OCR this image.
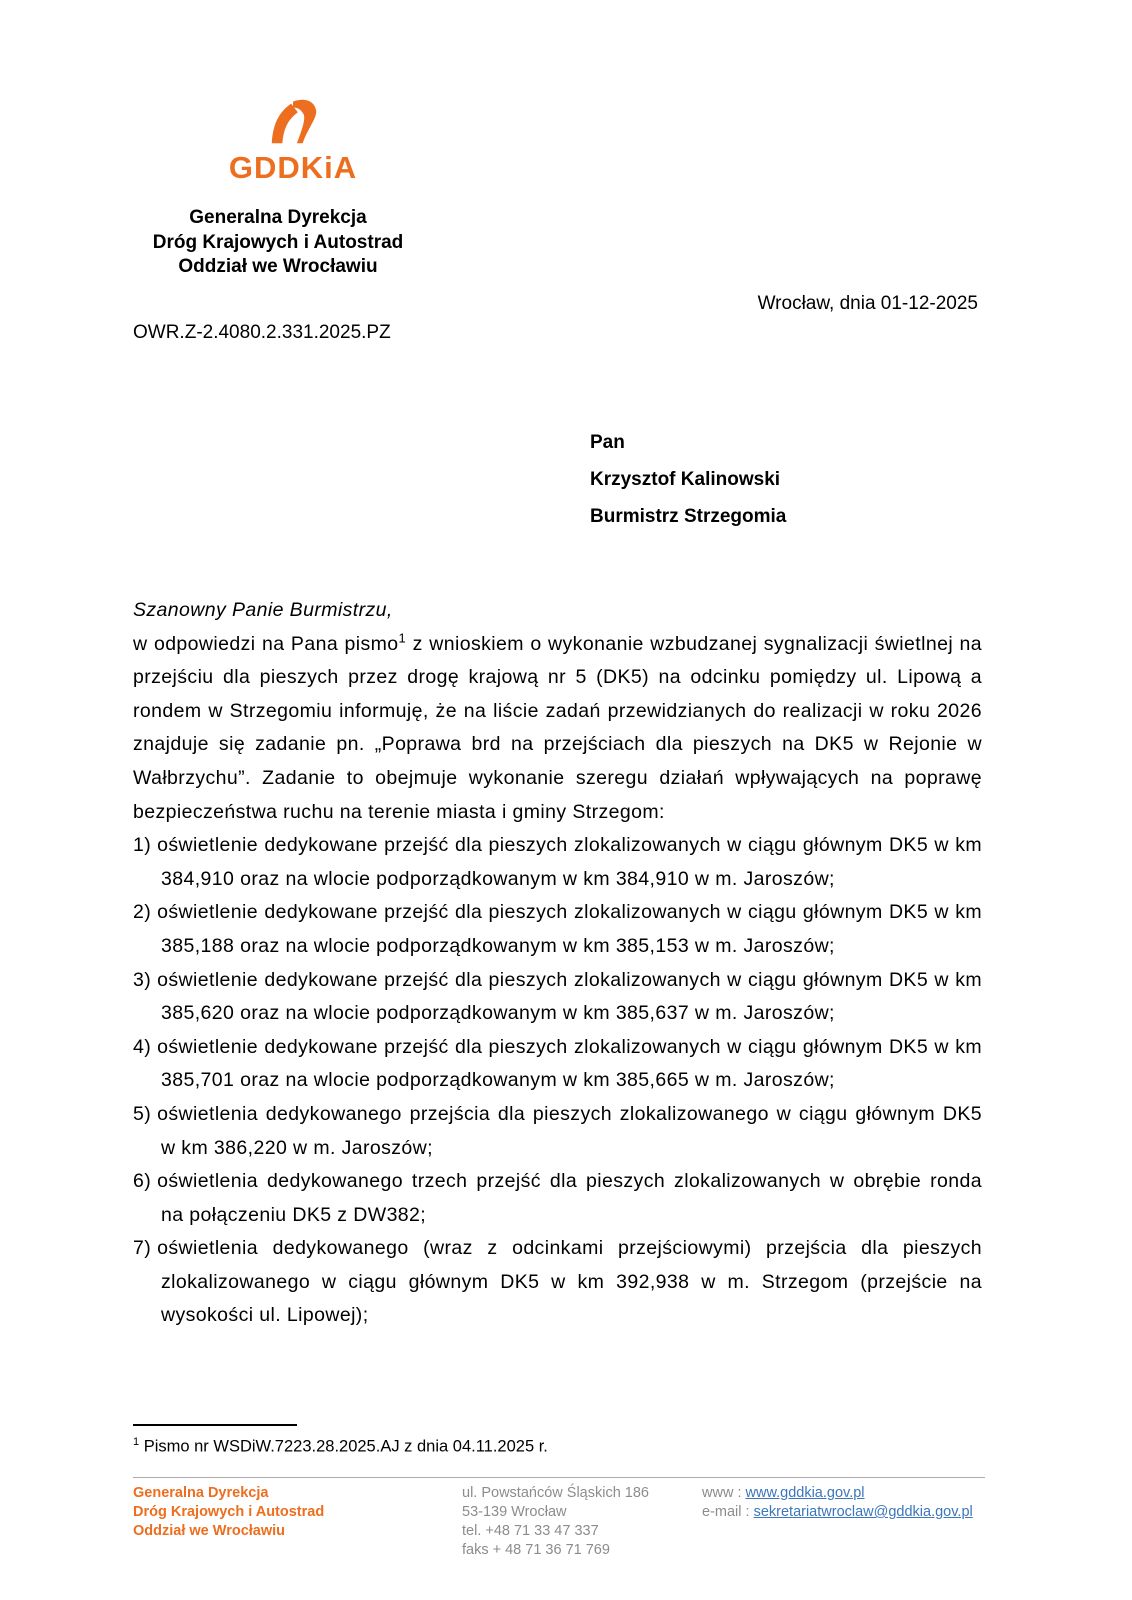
GDDKiA
Generalna Dyrekcja
Dróg Krajowych i Autostrad
Oddział we Wrocławiu
Wrocław, dnia 01-12-2025
OWR.Z-2.4080.2.331.2025.PZ
Pan
Krzysztof Kalinowski
Burmistrz Strzegomia
Szanowny Panie Burmistrzu,
w odpowiedzi na Pana pismo$^1$ z wnioskiem o wykonanie wzbudzanej sygnalizacji świetlnej na przejściu dla pieszych przez drogę krajową nr 5 (DK5) na odcinku pomiędzy ul. Lipową a rondem w Strzegomiu informuję, że na liście zadań przewidzianych do realizacji w roku 2026 znajduje się zadanie pn. „Poprawa brd na przejściach dla pieszych na DK5 w Rejonie w Wałbrzychu”. Zadanie to obejmuje wykonanie szeregu działań wpływających na poprawę bezpieczeństwa ruchu na terenie miasta i gminy Strzegom:
1) oświetlenie dedykowane przejść dla pieszych zlokalizowanych w ciągu głównym DK5 w km 384,910 oraz na wlocie podporządkowanym w km 384,910 w m. Jaroszów;
2) oświetlenie dedykowane przejść dla pieszych zlokalizowanych w ciągu głównym DK5 w km 385,188 oraz na wlocie podporządkowanym w km 385,153 w m. Jaroszów;
3) oświetlenie dedykowane przejść dla pieszych zlokalizowanych w ciągu głównym DK5 w km 385,620 oraz na wlocie podporządkowanym w km 385,637 w m. Jaroszów;
4) oświetlenie dedykowane przejść dla pieszych zlokalizowanych w ciągu głównym DK5 w km 385,701 oraz na wlocie podporządkowanym w km 385,665 w m. Jaroszów;
5) oświetlenia dedykowanego przejścia dla pieszych zlokalizowanego w ciągu głównym DK5 w km 386,220 w m. Jaroszów;
6) oświetlenia dedykowanego trzech przejść dla pieszych zlokalizowanych w obrębie ronda na połączeniu DK5 z DW382;
7) oświetlenia dedykowanego (wraz z odcinkami przejściowymi) przejścia dla pieszych zlokalizowanego w ciągu głównym DK5 w km 392,938 w m. Strzegom (przejście na wysokości ul. Lipowej);
$^1$ Pismo nr WSDiW.7223.28.2025.AJ z dnia 04.11.2025 r.
Generalna Dyrekcja
Dróg Krajowych i Autostrad
Oddział we Wrocławiu
ul. Powstańców Śląskich 186
53-139 Wrocław
tel. +48 71 33 47 337
faks + 48 71 36 71 769
www : www.gddkia.gov.pl
e-mail : sekretariatwroclaw@gddkia.gov.pl
